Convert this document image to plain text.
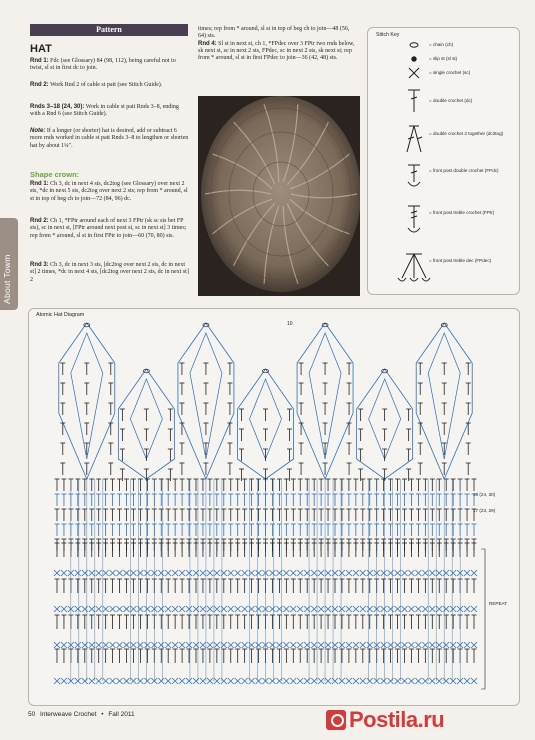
About Towm
Pattern
HAT
Rnd 1: Fdc (see Glossary) 84 (98, 112), being careful not to twist, sl st in first dc to join.
Rnd 2: Work Rnd 2 of cable st patt (see Stitch Guide).
Rnds 3–18 (24, 30): Work in cable st patt Rnds 3–8, ending with a Rnd 6 (see Stitch Guide).
Note: If a longer (or shorter) hat is desired, add or subtract 6 more rnds worked in cable st patt Rnds 3–8 to lengthen or shorten hat by about 1¼".
Shape crown:
Rnd 1: Ch 3, dc in next 4 sts, dc2tog (see Glossary) over next 2 sts, *dc in next 5 sts, dc2tog over next 2 sts; rep from * around, sl st in top of beg ch to join—72 (84, 96) dc.
Rnd 2: Ch 1, *FPtr around each of next 3 FPtr (sk sc sts bet FP sts), sc in next st, [FPtr around next post st, sc in next st] 3 times; rep from * around, sl st in first FPtr to join—60 (70, 80) sts.
Rnd 3: Ch 3, dc in next 3 sts, [dc2tog over next 2 sts, dc in next st] 2 times, *dc in next 4 sts, [dc2tog over next 2 sts, dc in next st] 2
times; rep from * around, sl st in top of beg ch to join—48 (56, 64) sts.
Rnd 4: Sl st in next st, ch 1, *FPdec over 3 FPtr two rnds below, sk next st, sc in next 2 sts, FPdec, sc in next 2 sts, sk next st; rep from * around, sl st in first FPdec to join—36 (42, 48) sts.
Stitch Key
= chain (ch)
= slip st (sl st)
= single crochet (sc)
= double crochet (dc)
= double crochet 2 together (dc2tog)
= front post double crochet (FPdc)
= front post treble crochet (FPtr)
= front post treble dec (FPdec)
10
18 (24, 30)
17 (23, 29)
REPEAT
Atomic Hat Diagram
50 Interweave Crochet • Fall 2011	Postila.ru
